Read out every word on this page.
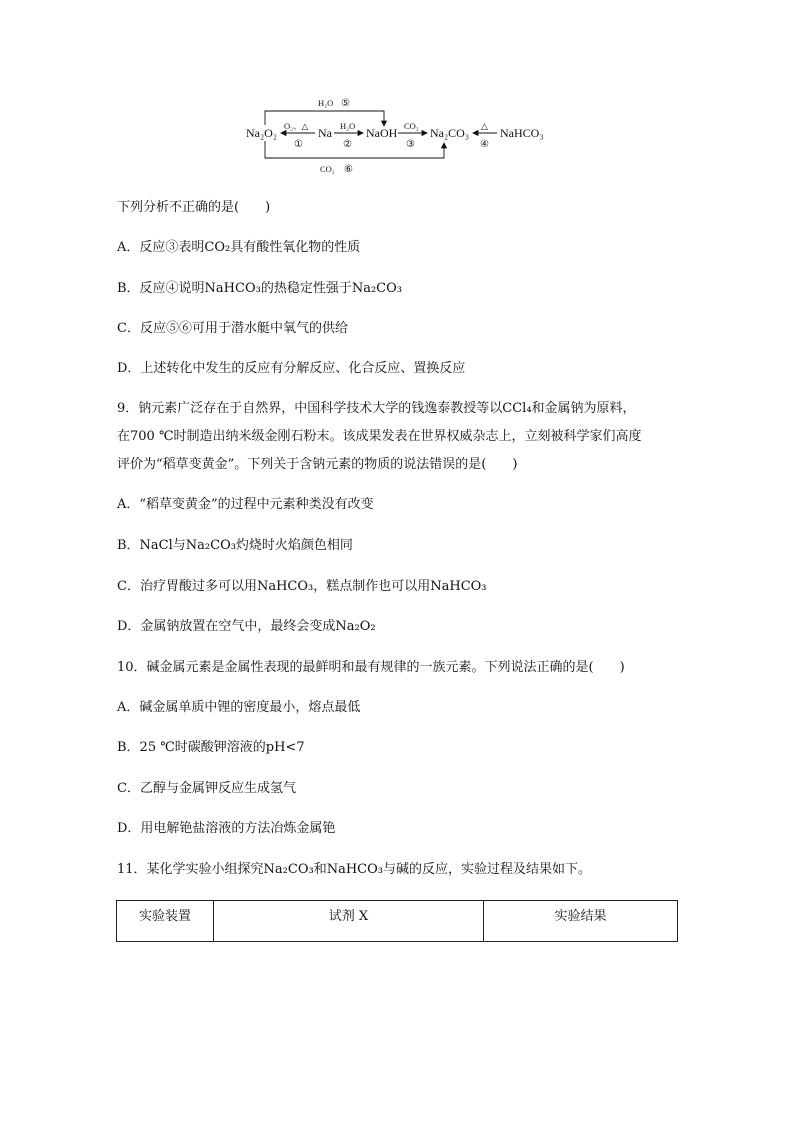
Na₂O₂	Na	NaOH	Na₂CO₃	NaHCO₃
O₂、△
①
H₂O
②
CO₂
③
△
④
H₂O ⑤
CO₂ ⑥
下列分析不正确的是(　　)
A．反应③表明CO₂具有酸性氧化物的性质
B．反应④说明NaHCO₃的热稳定性强于Na₂CO₃
C．反应⑤⑥可用于潜水艇中氧气的供给
D．上述转化中发生的反应有分解反应、化合反应、置换反应
9．钠元素广泛存在于自然界，中国科学技术大学的钱逸泰教授等以CCl₄和金属钠为原料，
在700 ℃时制造出纳米级金刚石粉末。该成果发表在世界权威杂志上，立刻被科学家们高度
评价为“稻草变黄金”。下列关于含钠元素的物质的说法错误的是(　　)
A．“稻草变黄金”的过程中元素种类没有改变
B．NaCl与Na₂CO₃灼烧时火焰颜色相同
C．治疗胃酸过多可以用NaHCO₃，糕点制作也可以用NaHCO₃
D．金属钠放置在空气中，最终会变成Na₂O₂
10．碱金属元素是金属性表现的最鲜明和最有规律的一族元素。下列说法正确的是(　　)
A．碱金属单质中锂的密度最小，熔点最低
B．25 ℃时碳酸钾溶液的pH<7
C．乙醇与金属钾反应生成氢气
D．用电解铯盐溶液的方法冶炼金属铯
11．某化学实验小组探究Na₂CO₃和NaHCO₃与碱的反应，实验过程及结果如下。
实验装置	试剂 X	实验结果
